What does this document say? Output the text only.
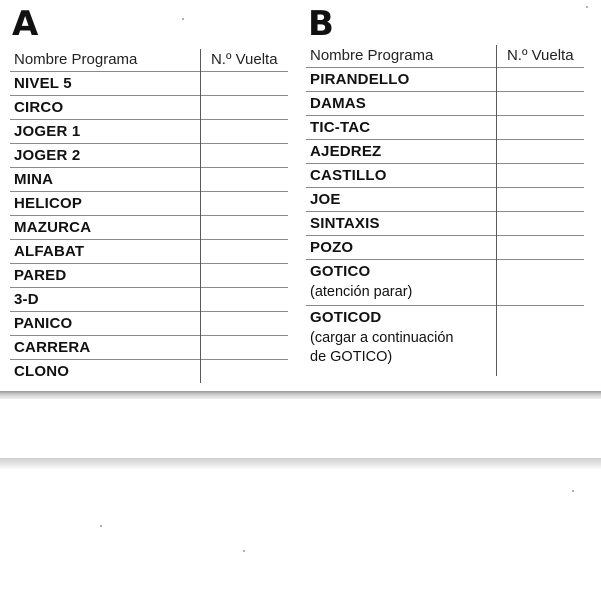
A	B
Nombre Programa	N.º Vuelta
NIVEL 5	
CIRCO	
JOGER 1	
JOGER 2	
MINA	
HELICOP	
MAZURCA	
ALFABAT	
PARED	
3-D	
PANICO	
CARRERA	
CLONO	
Nombre Programa	N.º Vuelta
PIRANDELLO	
DAMAS	
TIC-TAC	
AJEDREZ	
CASTILLO	
JOE	
SINTAXIS	
POZO	
GOTICO
(atención parar)	

GOTICOD
(cargar a continuación
de GOTICO)	
